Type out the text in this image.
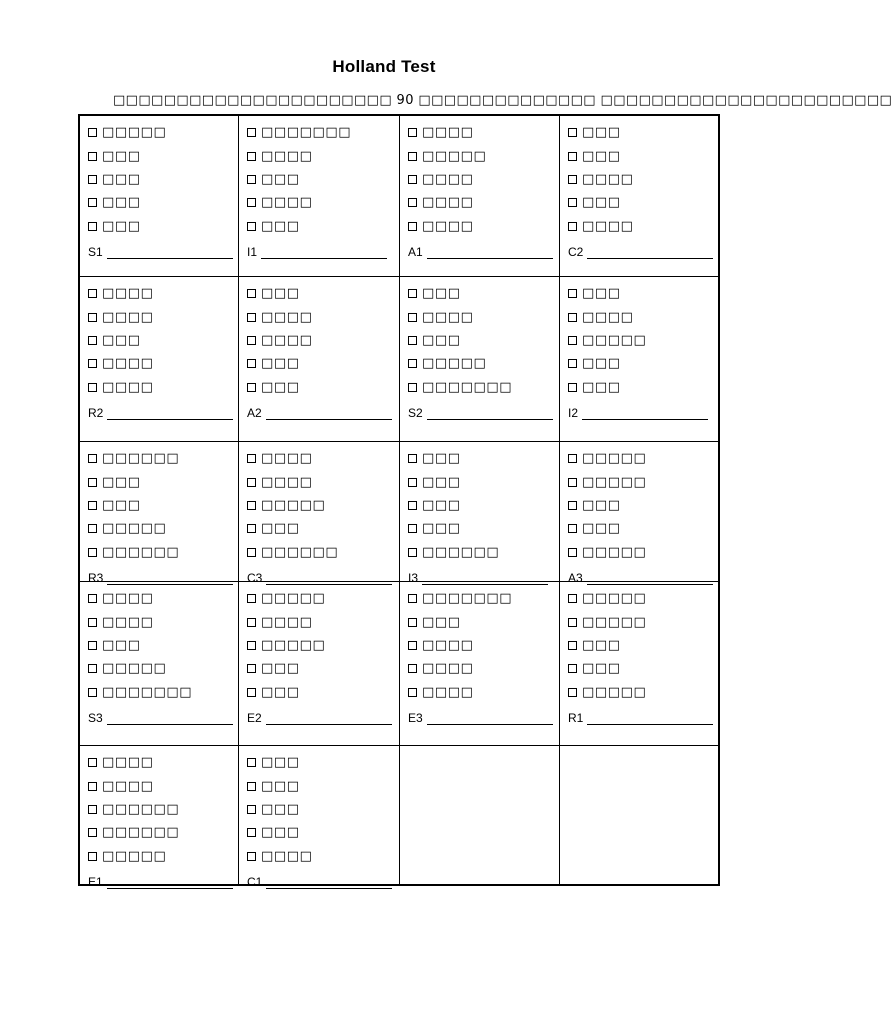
Holland Test
□□□□□□□□□□□□□□□□□□□□□□ 90 □□□□□□□□□□□□□□ □□□□□□□□□□□□□□□□□□□□□□□
□□□□□
□□□
□□□
□□□
□□□
S1
□□□□□□□
□□□□
□□□
□□□□
□□□
I1
□□□□
□□□□□
□□□□
□□□□
□□□□
A1
□□□
□□□
□□□□
□□□
□□□□
C2
□□□□
□□□□
□□□
□□□□
□□□□
R2
□□□
□□□□
□□□□
□□□
□□□
A2
□□□
□□□□
□□□
□□□□□
□□□□□□□
S2
□□□
□□□□
□□□□□
□□□
□□□
I2
□□□□□□
□□□
□□□
□□□□□
□□□□□□
R3
□□□□
□□□□
□□□□□
□□□
□□□□□□
C3
□□□
□□□
□□□
□□□
□□□□□□
I3
□□□□□
□□□□□
□□□
□□□
□□□□□
A3
□□□□
□□□□
□□□
□□□□□
□□□□□□□
S3
□□□□□
□□□□
□□□□□
□□□
□□□
E2
□□□□□□□
□□□
□□□□
□□□□
□□□□
E3
□□□□□
□□□□□
□□□
□□□
□□□□□
R1
□□□□
□□□□
□□□□□□
□□□□□□
□□□□□
E1
□□□
□□□
□□□
□□□
□□□□
C1
